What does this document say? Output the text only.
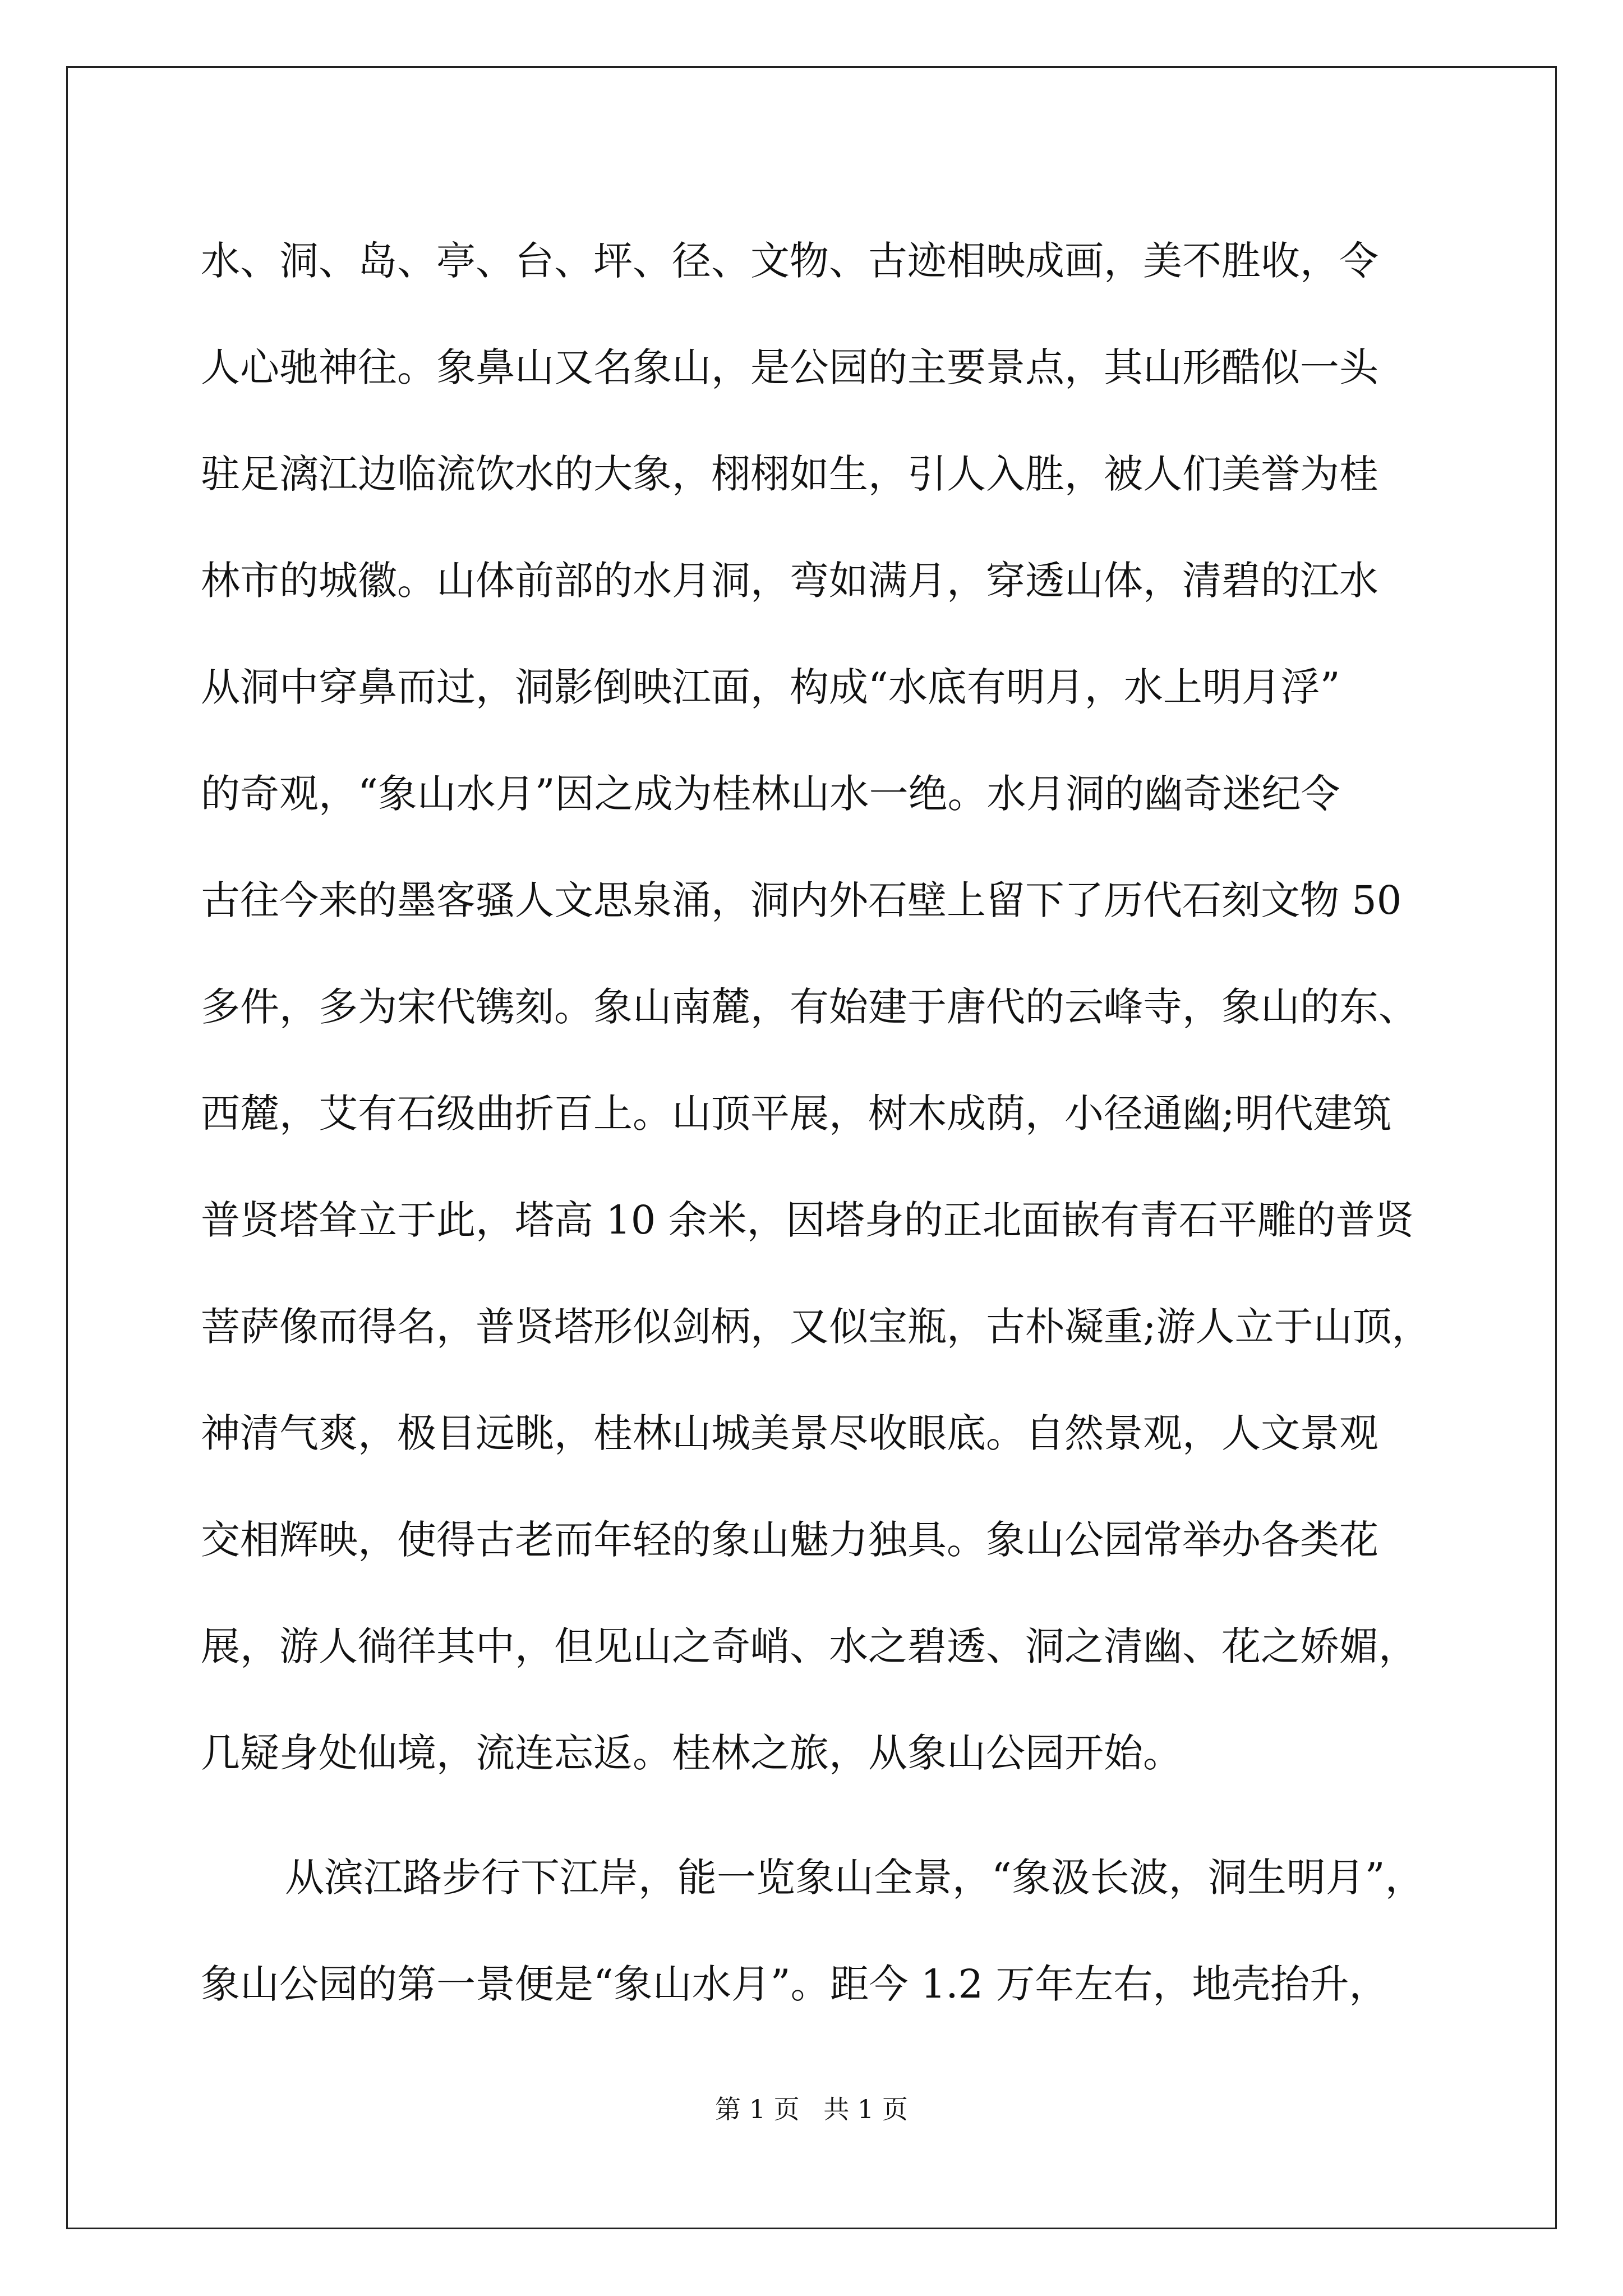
水、洞、岛、亭、台、坪、径、文物、古迹相映成画，美不胜收，令
人心驰神往。象鼻山又名象山，是公园的主要景点，其山形酷似一头
驻足漓江边临流饮水的大象，栩栩如生，引人入胜，被人们美誉为桂
林市的城徽。山体前部的水月洞，弯如满月，穿透山体，清碧的江水
从洞中穿鼻而过，洞影倒映江面，构成“水底有明月，水上明月浮”
的奇观，“象山水月”因之成为桂林山水一绝。水月洞的幽奇迷纪令
古往今来的墨客骚人文思泉涌，洞内外石壁上留下了历代石刻文物 50
多件，多为宋代镌刻。象山南麓，有始建于唐代的云峰寺，象山的东、
西麓，艾有石级曲折百上。山顶平展，树木成荫，小径通幽;明代建筑
普贤塔耸立于此，塔高 10 余米，因塔身的正北面嵌有青石平雕的普贤
菩萨像而得名，普贤塔形似剑柄，又似宝瓶，古朴凝重;游人立于山顶，
神清气爽，极目远眺，桂林山城美景尽收眼底。自然景观，人文景观
交相辉映，使得古老而年轻的象山魅力独具。象山公园常举办各类花
展，游人徜徉其中，但见山之奇峭、水之碧透、洞之清幽、花之娇媚，
几疑身处仙境，流连忘返。桂林之旅，从象山公园开始。
从滨江路步行下江岸，能一览象山全景，“象汲长波，洞生明月”，
象山公园的第一景便是“象山水月”。距今 1.2 万年左右，地壳抬升，
第 1 页 共 1 页
